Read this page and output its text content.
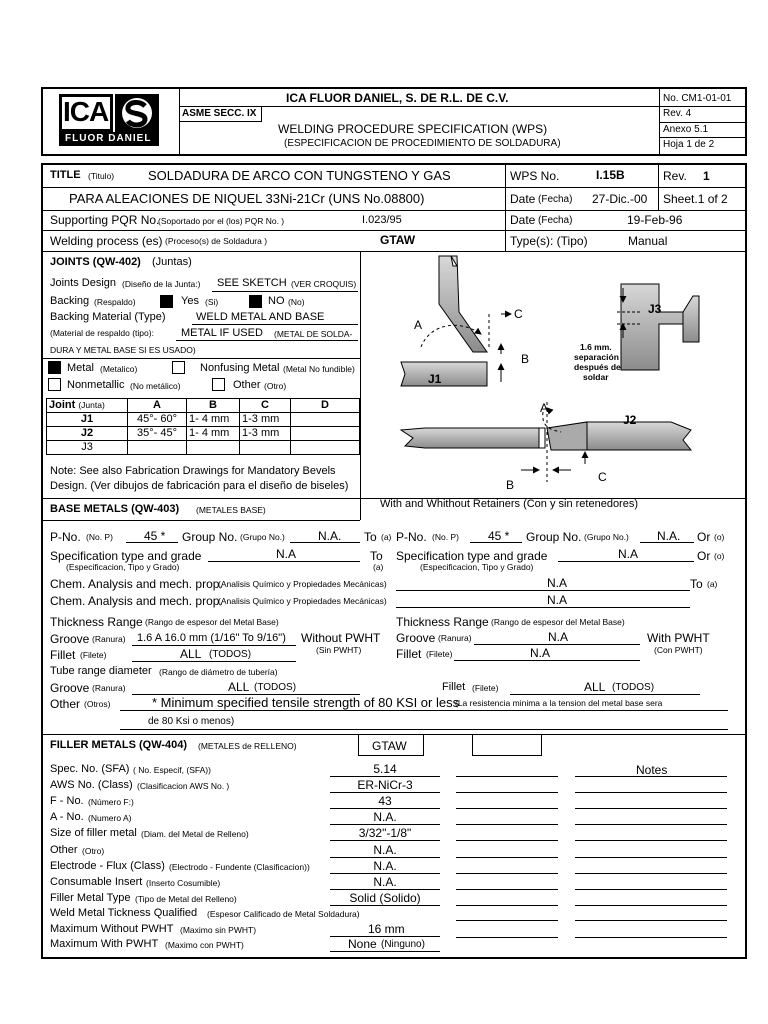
ICA
FLUOR DANIEL
ICA FLUOR DANIEL, S. DE R.L. DE C.V.
ASME SECC. IX
WELDING PROCEDURE SPECIFICATION (WPS)
(ESPECIFICACION DE PROCEDIMIENTO DE SOLDADURA)
No. CM1-01-01
Rev. 4
Anexo 5.1
Hoja 1 de 2
TITLE (Titulo)	SOLDADURA DE ARCO CON TUNGSTENO Y GAS
PARA ALEACIONES DE NIQUEL 33Ni-21Cr (UNS No.08800)
WPS No.	I.15B	Rev. 1
Date (Fecha) 27-Dic.-00 Sheet.1 of 2
Supporting PQR No.
(Soportado por el (los) PQR No. )	I.023/95	Date (Fecha)	19-Feb-96
Welding process (es) (Proceso(s) de Soldadura )	GTAW	Type(s): (Tipo)	Manual
JOINTS (QW-402) (Juntas)
Joints Design (Diseño de la Junta:) SEE SKETCH (VER CROQUIS)
Backing (Respaldo)	Yes (Si)	NO (No)
Backing Material (Type)	WELD METAL AND BASE
(Material de respaldo (tipo): METAL IF USED (METAL DE SOLDA-
DURA Y METAL BASE SI ES USADO)
Metal (Metalico)	Nonfusing Metal (Metal No fundible)
Nonmetallic (No metálico)	Other (Otro)
Joint (Junta)	A	B	C	D
J1	45°- 60°	1- 4 mm	1-3 mm	
J2	35°- 45°	1- 4 mm	1-3 mm	
J3				
Note: See also Fabrication Drawings for Mandatory Bevels
Design. (Ver dibujos de fabricación para el diseño de biseles)
A
C
B
J1
J3
1.6 mm.
separación
después de
soldar
A
J2
B
C
With and Whithout Retainers (Con y sin retenedores)
BASE METALS (QW-403) (METALES BASE)
P-No. (No. P)	45 * Group No. (Grupo No.)	N.A. To (a) P-No. (No. P) 45 * Group No. (Grupo No.) N.A. Or (o)
Specification type and grade
(Especificacion, Tipo y Grado)
N.A	To
(a)
Specification type and grade
(Especificacion, Tipo y Grado)
N.A	Or (o)
Chem. Analysis and mech. prop.
(Analisis Químico y Propiedades Mecánicas)	N.A	To (a)
Chem. Analysis and mech. prop.
(Analisis Químico y Propiedades Mecánicas)	N.A
Thickness Range (Rango de espesor del Metal Base)	Thickness Range (Rango de espesor del Metal Base)
Groove (Ranura) 1.6 A 16.0 mm (1/16" To 9/16") Without PWHT
(Sin PWHT)
Fillet (Filete)	ALL (TODOS)
Groove (Ranura)	N.A	With PWHT
(Con PWHT)
Fillet (Filete)	N.A
Tube range diameter (Rango de diámetro de tubería)
Groove (Ranura)	ALL (TODOS)	Fillet (Filete)	ALL (TODOS)
Other (Otros)	* Minimum specified tensile strength of 80 KSI or less
(La resistencia minima a la tension del metal base sera
de 80 Ksi o menos)
FILLER METALS (QW-404) (METALES de RELLENO)	GTAW
Notes
Spec. No. (SFA) ( No. Especif, (SFA))	5.14
AWS No. (Class) (Clasificacion AWS No. )	ER-NiCr-3
F - No. (Número F:)	43
A - No. (Numero A)	N.A.
Size of filler metal (Diam. del Metal de Relleno)	3/32"-1/8"
Other (Otro)	N.A.
Electrode - Flux (Class) (Electrodo - Fundente (Clasificacion))	N.A.
Consumable Insert (Inserto Cosumible)	N.A.
Filler Metal Type (Tipo de Metal del Relleno)	Solid (Solido)
Weld Metal Tickness Qualified (Espesor Calificado de Metal Soldadura)
Maximum Without PWHT (Maximo sin PWHT)	16 mm
Maximum With PWHT (Maximo con PWHT)	None (Ninguno)
